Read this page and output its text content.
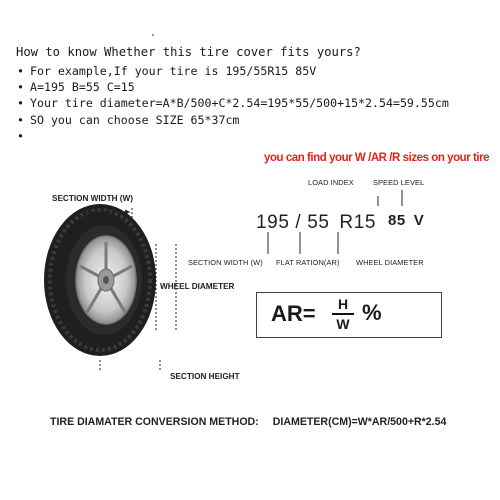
'
How to know Whether this tire cover fits yours?
• For example,If your tire is 195/55R15 85V
• A=195 B=55 C=15
• Your tire diameter=A*B/500+C*2.54=195*55/500+15*2.54=59.55cm
• SO you can choose SIZE 65*37cm
•
you can find your W /AR /R sizes on your tire
LOAD INDEX	SPEED LEVEL
SECTION WIDTH (W)
WHEEL DIAMETER
SECTION HEIGHT
195 / 55 R15 85 V
SECTION WIDTH (W) FLAT RATION(AR) WHEEL DIAMETER
AR=	H
W %
TIRE DIAMATER CONVERSION METHOD: DIAMETER(CM)=W*AR/500+R*2.54
